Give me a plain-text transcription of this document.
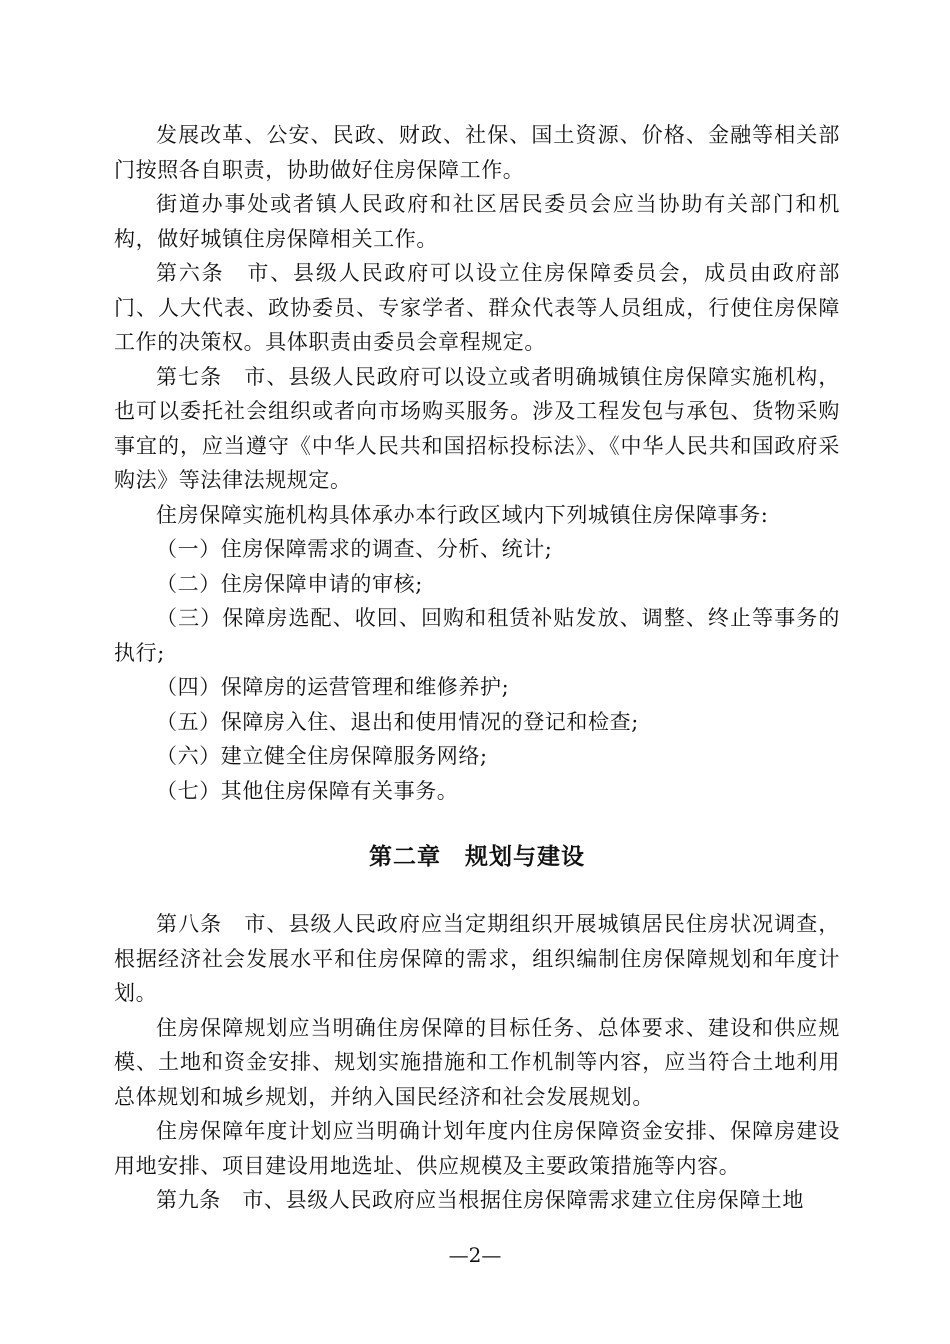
发展改革、公安、民政、财政、社保、国土资源、价格、金融等相关部门按照各自职责，协助做好住房保障工作。

街道办事处或者镇人民政府和社区居民委员会应当协助有关部门和机构，做好城镇住房保障相关工作。

第六条　市、县级人民政府可以设立住房保障委员会，成员由政府部门、人大代表、政协委员、专家学者、群众代表等人员组成，行使住房保障工作的决策权。具体职责由委员会章程规定。

第七条　市、县级人民政府可以设立或者明确城镇住房保障实施机构，也可以委托社会组织或者向市场购买服务。涉及工程发包与承包、货物采购事宜的，应当遵守《中华人民共和国招标投标法》、《中华人民共和国政府采购法》等法律法规规定。

住房保障实施机构具体承办本行政区域内下列城镇住房保障事务:

（一）住房保障需求的调查、分析、统计;

（二）住房保障申请的审核;

（三）保障房选配、收回、回购和租赁补贴发放、调整、终止等事务的执行;

（四）保障房的运营管理和维修养护;

（五）保障房入住、退出和使用情况的登记和检查;

（六）建立健全住房保障服务网络;

（七）其他住房保障有关事务。

第二章　规划与建设

第八条　市、县级人民政府应当定期组织开展城镇居民住房状况调查，根据经济社会发展水平和住房保障的需求，组织编制住房保障规划和年度计划。

住房保障规划应当明确住房保障的目标任务、总体要求、建设和供应规模、土地和资金安排、规划实施措施和工作机制等内容，应当符合土地利用总体规划和城乡规划，并纳入国民经济和社会发展规划。

住房保障年度计划应当明确计划年度内住房保障资金安排、保障房建设用地安排、项目建设用地选址、供应规模及主要政策措施等内容。

第九条　市、县级人民政府应当根据住房保障需求建立住房保障土地

—2—
